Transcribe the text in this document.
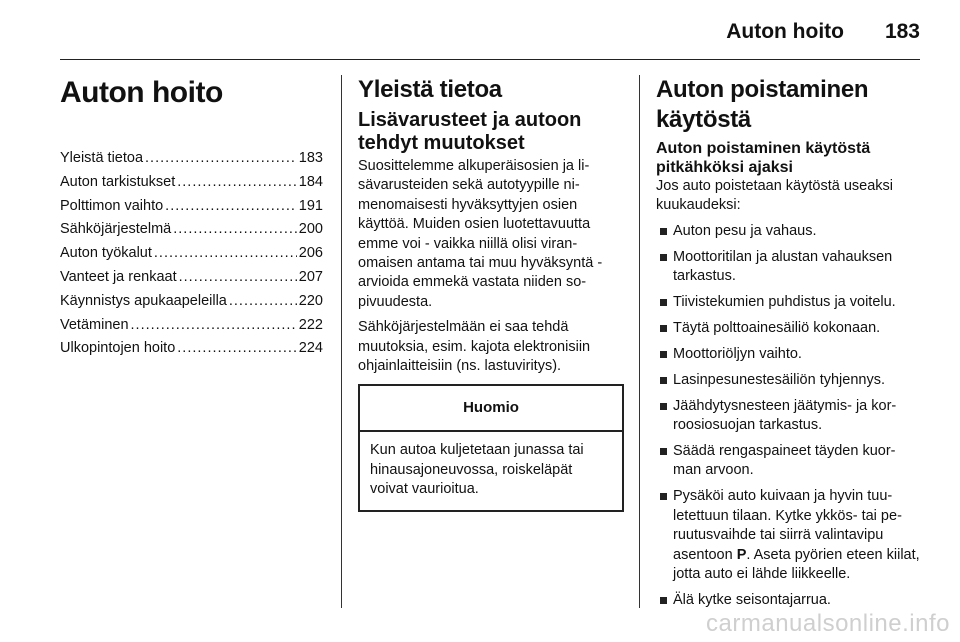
Auton hoito 183
Auton hoito
Yleistä tietoa .....	183
Auton tarkistukset .....	184
Polttimon vaihto .....	191
Sähköjärjestelmä .....	200
Auton työkalut .....	206
Vanteet ja renkaat .....	207
Käynnistys apukaapeleilla .....	220
Vetäminen .....	222
Ulkopintojen hoito .....	224
Yleistä tietoa
Lisävarusteet ja autoon tehdyt muutokset

Suosittelemme alkuperäisosien ja li-sävarusteiden sekä autotyypille ni-menomaisesti hyväksyttyjen osien käyttöä. Muiden osien luotettavuutta emme voi - vaikka niillä olisi viran-omaisen antama tai muu hyväksyntä - arvioida emmekä vastata niiden so-pivuudesta.

Sähköjärjestelmään ei saa tehdä muutoksia, esim. kajota elektronisiin ohjainlaitteisiin (ns. lastuviritys).

Huomio
Kun autoa kuljetetaan junassa tai hinausajoneuvossa, roiskeläpät voivat vaurioitua.
Auton poistaminen käytöstä
Auton poistaminen käytöstä pitkähköksi ajaksi

Jos auto poistetaan käytöstä useaksi kuukaudeksi:

Auton pesu ja vahaus.
Moottoritilan ja alustan vahauksen tarkastus.
Tiivistekumien puhdistus ja voitelu.
Täytä polttoainesäiliö kokonaan.
Moottoriöljyn vaihto.
Lasinpesunestesäiliön tyhjennys.
Jäähdytysnesteen jäätymis- ja kor-roosiosuojan tarkastus.
Säädä rengaspaineet täyden kuor-man arvoon.
Pysäköi auto kuivaan ja hyvin tuu-letettuun tilaan. Kytke ykkös- tai pe-ruutusvaihde tai siirrä valintavipu asentoon P. Aseta pyörien eteen kiilat, jotta auto ei lähde liikkeelle.
Älä kytke seisontajarrua.
carmanualsonline.info
